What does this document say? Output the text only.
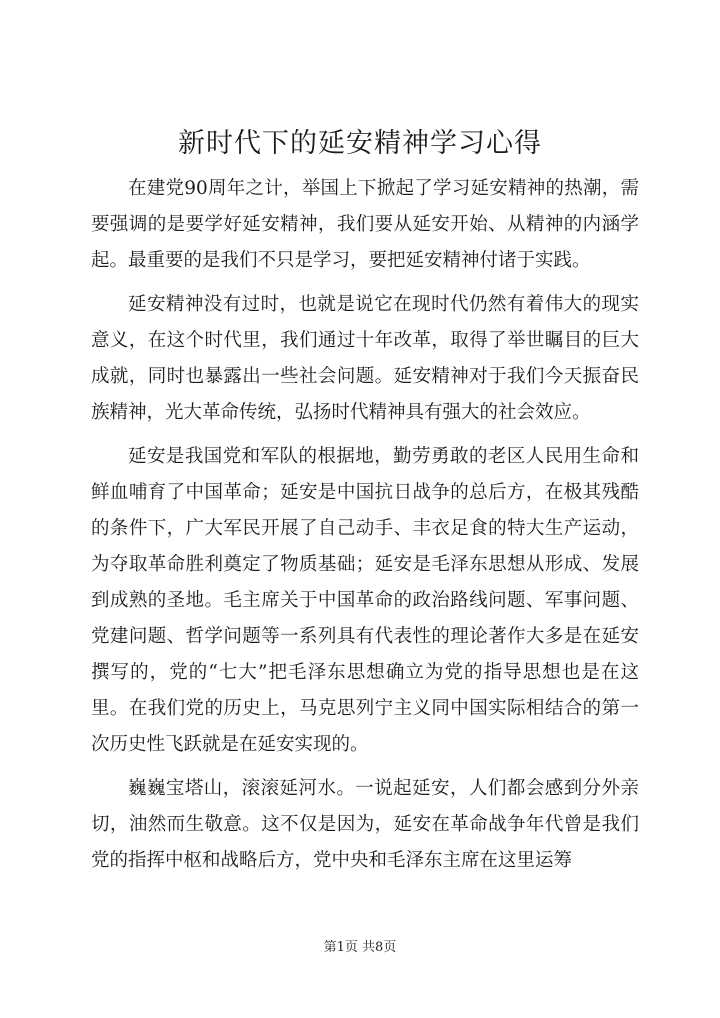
新时代下的延安精神学习心得

在建党90周年之计，举国上下掀起了学习延安精神的热潮，需要强调的是要学好延安精神，我们要从延安开始、从精神的内涵学起。最重要的是我们不只是学习，要把延安精神付诸于实践。

延安精神没有过时，也就是说它在现时代仍然有着伟大的现实意义，在这个时代里，我们通过十年改革，取得了举世瞩目的巨大成就，同时也暴露出一些社会问题。延安精神对于我们今天振奋民族精神，光大革命传统，弘扬时代精神具有强大的社会效应。

延安是我国党和军队的根据地，勤劳勇敢的老区人民用生命和鲜血哺育了中国革命；延安是中国抗日战争的总后方，在极其残酷的条件下，广大军民开展了自己动手、丰衣足食的特大生产运动，为夺取革命胜利奠定了物质基础；延安是毛泽东思想从形成、发展到成熟的圣地。毛主席关于中国革命的政治路线问题、军事问题、党建问题、哲学问题等一系列具有代表性的理论著作大多是在延安撰写的，党的“七大”把毛泽东思想确立为党的指导思想也是在这里。在我们党的历史上，马克思列宁主义同中国实际相结合的第一次历史性飞跃就是在延安实现的。

巍巍宝塔山，滚滚延河水。一说起延安，人们都会感到分外亲切，油然而生敬意。这不仅是因为，延安在革命战争年代曾是我们党的指挥中枢和战略后方，党中央和毛泽东主席在这里运筹

第1页 共8页
